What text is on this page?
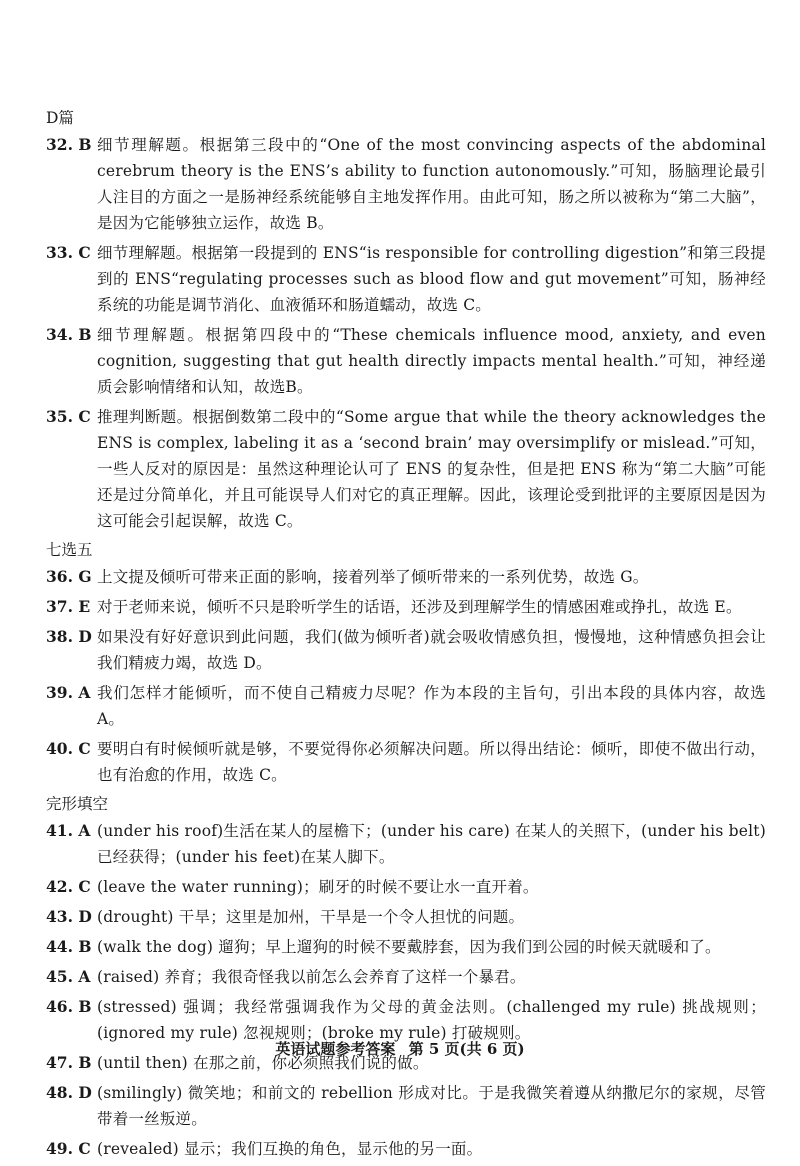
D篇
32. B 细节理解题。根据第三段中的“One of the most convincing aspects of the abdominal cerebrum theory is the ENS’s ability to function autonomously.”可知，肠脑理论最引人注目的方面之一是肠神经系统能够自主地发挥作用。由此可知，肠之所以被称为“第二大脑”，是因为它能够独立运作，故选 B。
33. C 细节理解题。根据第一段提到的 ENS“is responsible for controlling digestion”和第三段提到的 ENS“regulating processes such as blood flow and gut movement”可知，肠神经系统的功能是调节消化、血液循环和肠道蠕动，故选 C。
34. B 细节理解题。根据第四段中的“These chemicals influence mood, anxiety, and even cognition, suggesting that gut health directly impacts mental health.”可知，神经递质会影响情绪和认知，故选B。
35. C 推理判断题。根据倒数第二段中的“Some argue that while the theory acknowledges the ENS is complex, labeling it as a ‘second brain’ may oversimplify or mislead.”可知，一些人反对的原因是：虽然这种理论认可了 ENS 的复杂性，但是把 ENS 称为“第二大脑”可能还是过分简单化，并且可能误导人们对它的真正理解。因此，该理论受到批评的主要原因是因为这可能会引起误解，故选 C。
七选五
36. G 上文提及倾听可带来正面的影响，接着列举了倾听带来的一系列优势，故选 G。
37. E 对于老师来说，倾听不只是聆听学生的话语，还涉及到理解学生的情感困难或挣扎，故选 E。
38. D 如果没有好好意识到此问题，我们(做为倾听者)就会吸收情感负担，慢慢地，这种情感负担会让我们精疲力竭，故选 D。
39. A 我们怎样才能倾听，而不使自己精疲力尽呢？作为本段的主旨句，引出本段的具体内容，故选 A。
40. C 要明白有时候倾听就是够，不要觉得你必须解决问题。所以得出结论：倾听，即使不做出行动，也有治愈的作用，故选 C。
完形填空
41. A (under his roof)生活在某人的屋檐下；(under his care) 在某人的关照下，(under his belt)已经获得；(under his feet)在某人脚下。
42. C (leave the water running)；刷牙的时候不要让水一直开着。
43. D (drought) 干旱；这里是加州，干旱是一个令人担忧的问题。
44. B (walk the dog) 遛狗；早上遛狗的时候不要戴脖套，因为我们到公园的时候天就暖和了。
45. A (raised) 养育；我很奇怪我以前怎么会养育了这样一个暴君。
46. B (stressed) 强调；我经常强调我作为父母的黄金法则。(challenged my rule) 挑战规则；(ignored my rule) 忽视规则；(broke my rule) 打破规则。
47. B (until then) 在那之前，你必须照我们说的做。
48. D (smilingly) 微笑地；和前文的 rebellion 形成对比。于是我微笑着遵从纳撒尼尔的家规，尽管带着一丝叛逆。
49. C (revealed) 显示；我们互换的角色，显示他的另一面。
英语试题参考答案 第 5 页(共 6 页)
